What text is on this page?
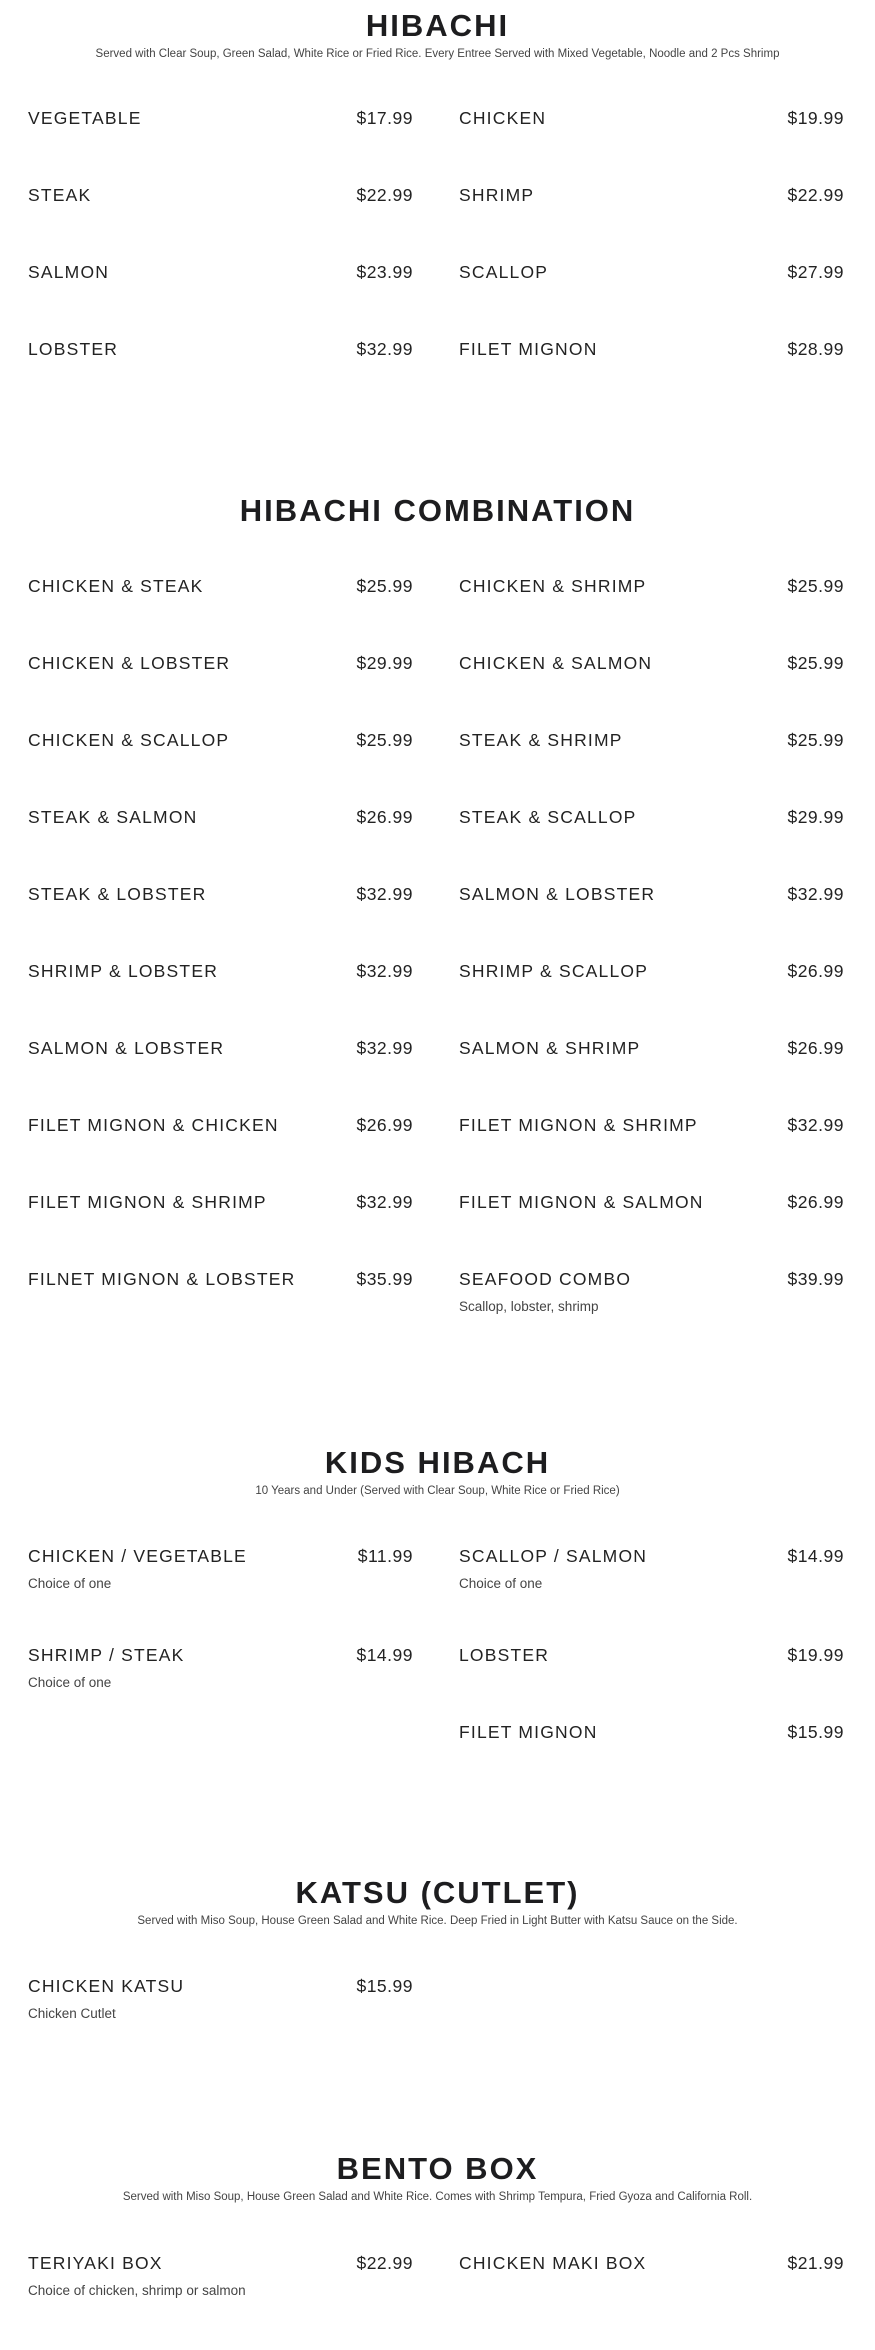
HIBACHI
Served with Clear Soup, Green Salad, White Rice or Fried Rice. Every Entree Served with Mixed Vegetable, Noodle and 2 Pcs Shrimp
VEGETABLE	$17.99
STEAK	$22.99
SALMON	$23.99
LOBSTER	$32.99
CHICKEN	$19.99
SHRIMP	$22.99
SCALLOP	$27.99
FILET MIGNON	$28.99
HIBACHI COMBINATION
CHICKEN & STEAK	$25.99
CHICKEN & LOBSTER	$29.99
CHICKEN & SCALLOP	$25.99
STEAK & SALMON	$26.99
STEAK & LOBSTER	$32.99
SHRIMP & LOBSTER	$32.99
SALMON & LOBSTER	$32.99
FILET MIGNON & CHICKEN	$26.99
FILET MIGNON & SHRIMP	$32.99
FILNET MIGNON & LOBSTER	$35.99
CHICKEN & SHRIMP	$25.99
CHICKEN & SALMON	$25.99
STEAK & SHRIMP	$25.99
STEAK & SCALLOP	$29.99
SALMON & LOBSTER	$32.99
SHRIMP & SCALLOP	$26.99
SALMON & SHRIMP	$26.99
FILET MIGNON & SHRIMP	$32.99
FILET MIGNON & SALMON	$26.99
SEAFOOD COMBO	$39.99
Scallop, lobster, shrimp
KIDS HIBACH
10 Years and Under (Served with Clear Soup, White Rice or Fried Rice)
CHICKEN / VEGETABLE	$11.99
Choice of one
SHRIMP / STEAK	$14.99
Choice of one
SCALLOP / SALMON	$14.99
Choice of one
LOBSTER	$19.99
FILET MIGNON	$15.99
KATSU (CUTLET)
Served with Miso Soup, House Green Salad and White Rice. Deep Fried in Light Butter with Katsu Sauce on the Side.
CHICKEN KATSU	$15.99
Chicken Cutlet
BENTO BOX
Served with Miso Soup, House Green Salad and White Rice. Comes with Shrimp Tempura, Fried Gyoza and California Roll.
TERIYAKI BOX	$22.99
Choice of chicken, shrimp or salmon
CHICKEN MAKI BOX	$21.99
sirved
